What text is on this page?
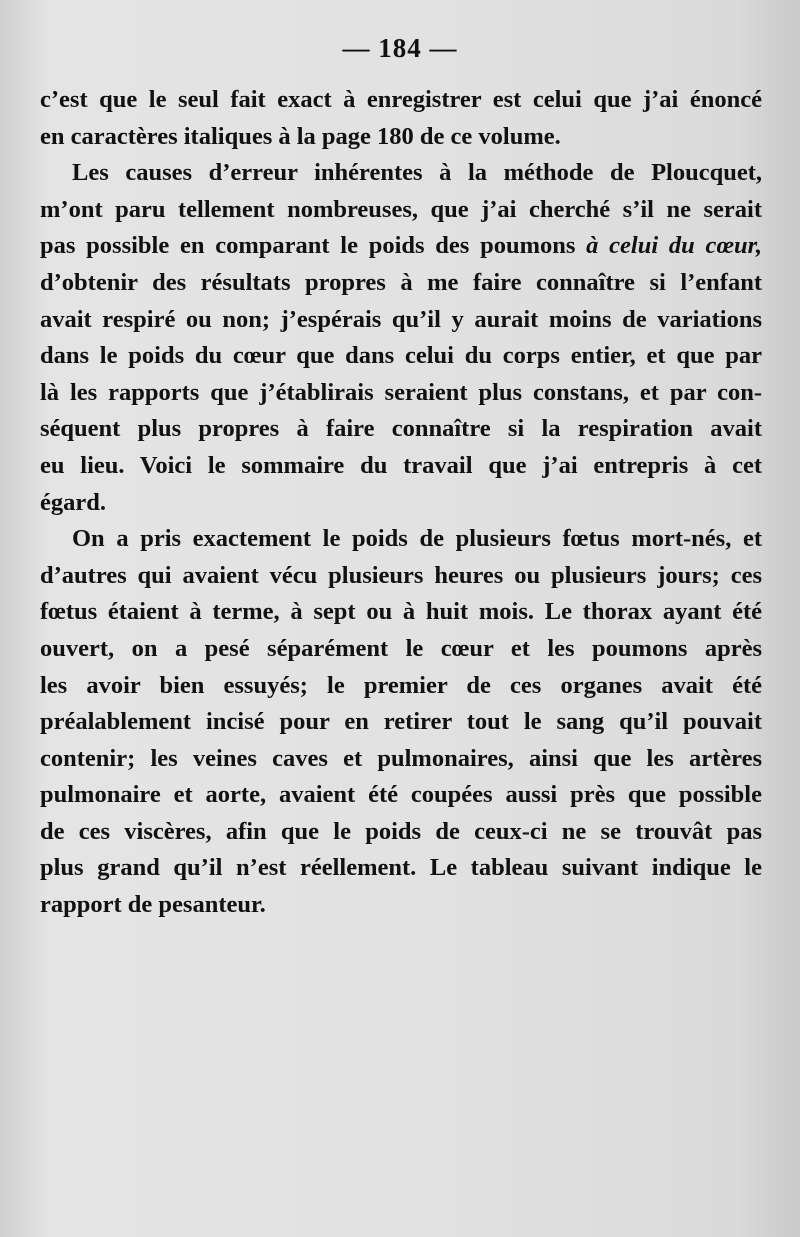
— 184 —
c’est que le seul fait exact à enregistrer est celui que j’ai énoncé
en caractères italiques à la page 180 de ce volume.
Les causes d’erreur inhérentes à la méthode de Ploucquet,
m’ont paru tellement nombreuses, que j’ai cherché s’il ne serait
pas possible en comparant le poids des poumons à celui du cœur,
d’obtenir des résultats propres à me faire connaître si l’enfant
avait respiré ou non; j’espérais qu’il y aurait moins de variations
dans le poids du cœur que dans celui du corps entier, et que par
là les rapports que j’établirais seraient plus constans, et par con-
séquent plus propres à faire connaître si la respiration avait
eu lieu. Voici le sommaire du travail que j’ai entrepris à cet
égard.
On a pris exactement le poids de plusieurs fœtus mort-nés, et
d’autres qui avaient vécu plusieurs heures ou plusieurs jours; ces
fœtus étaient à terme, à sept ou à huit mois. Le thorax ayant été
ouvert, on a pesé séparément le cœur et les poumons après
les avoir bien essuyés; le premier de ces organes avait été
préalablement incisé pour en retirer tout le sang qu’il pouvait
contenir; les veines caves et pulmonaires, ainsi que les artères
pulmonaire et aorte, avaient été coupées aussi près que possible
de ces viscères, afin que le poids de ceux-ci ne se trouvât pas
plus grand qu’il n’est réellement. Le tableau suivant indique le
rapport de pesanteur.
